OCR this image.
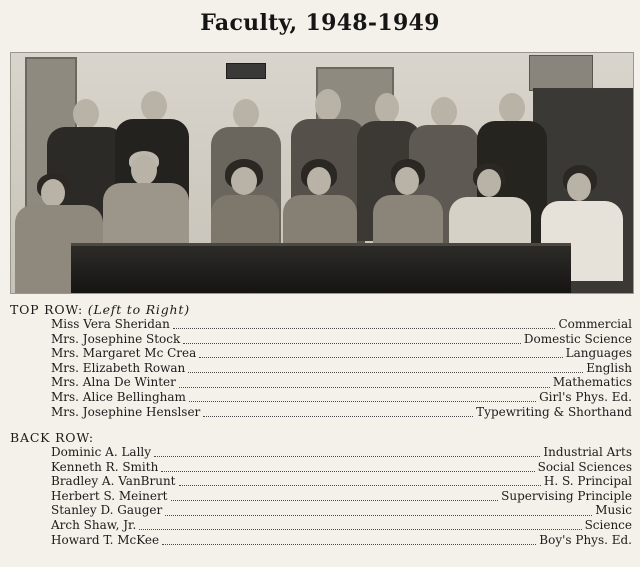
Faculty, 1948-1949
TOP ROW: (Left to Right)
Miss Vera Sheridan	Commercial
Mrs. Josephine Stock	Domestic Science
Mrs. Margaret Mc Crea	Languages
Mrs. Elizabeth Rowan	English
Mrs. Alna De Winter	Mathematics
Mrs. Alice Bellingham	Girl's Phys. Ed.
Mrs. Josephine Henslser	Typewriting & Shorthand
BACK ROW:
Dominic A. Lally	Industrial Arts
Kenneth R. Smith	Social Sciences
Bradley A. VanBrunt	H. S. Principal
Herbert S. Meinert	Supervising Principle
Stanley D. Gauger	Music
Arch Shaw, Jr.	Science
Howard T. McKee	Boy's Phys. Ed.
